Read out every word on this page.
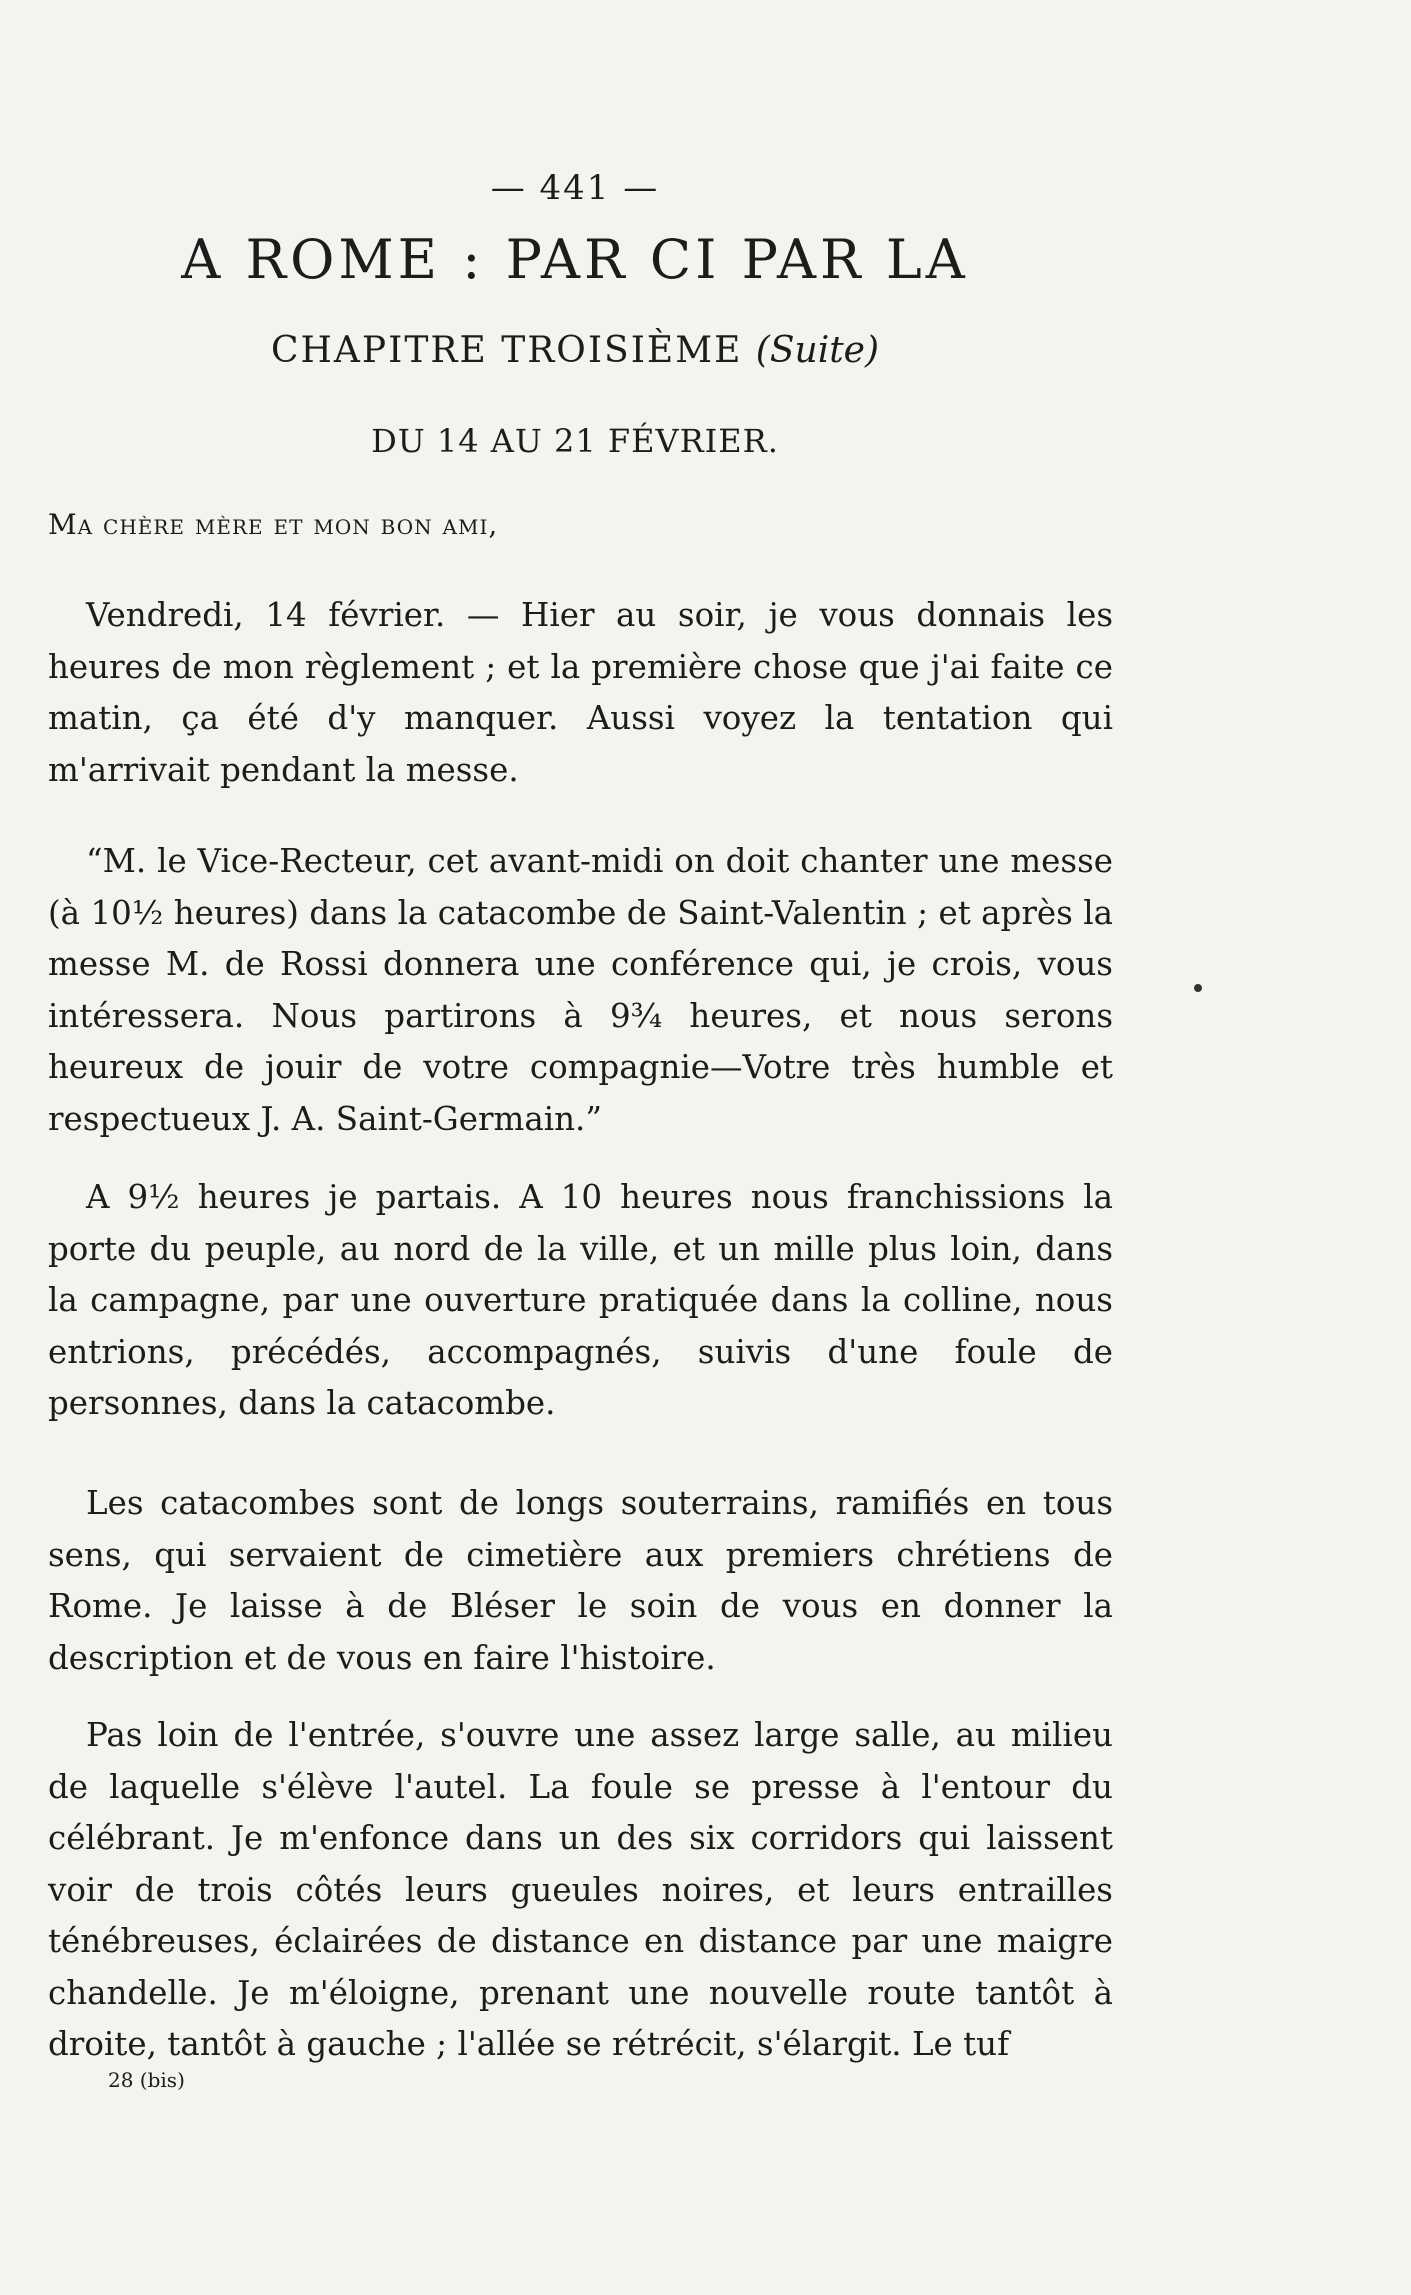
— 441 —
A ROME : PAR CI PAR LA
CHAPITRE TROISIÈME (Suite)
DU 14 AU 21 FÉVRIER.
Ma chère mère et mon bon ami,
Vendredi, 14 février. — Hier au soir, je vous donnais les heures de mon règlement ; et la première chose que j'ai faite ce matin, ça été d'y manquer. Aussi voyez la tentation qui m'arrivait pendant la messe.
“M. le Vice-Recteur, cet avant-midi on doit chanter une messe (à 10½ heures) dans la catacombe de Saint-Valentin ; et après la messe M. de Rossi donnera une conférence qui, je crois, vous intéressera. Nous partirons à 9¾ heures, et nous serons heureux de jouir de votre compagnie—Votre très humble et respectueux J. A. Saint-Germain.”
A 9½ heures je partais. A 10 heures nous franchissions la porte du peuple, au nord de la ville, et un mille plus loin, dans la campagne, par une ouverture pratiquée dans la colline, nous entrions, précédés, accompagnés, suivis d'une foule de personnes, dans la catacombe.
Les catacombes sont de longs souterrains, ramifiés en tous sens, qui servaient de cimetière aux premiers chrétiens de Rome. Je laisse à de Bléser le soin de vous en donner la description et de vous en faire l'histoire.
Pas loin de l'entrée, s'ouvre une assez large salle, au milieu de laquelle s'élève l'autel. La foule se presse à l'entour du célébrant. Je m'enfonce dans un des six corridors qui laissent voir de trois côtés leurs gueules noires, et leurs entrailles ténébreuses, éclairées de distance en distance par une maigre chandelle. Je m'éloigne, prenant une nouvelle route tantôt à droite, tantôt à gauche ; l'allée se rétrécit, s'élargit. Le tuf
28 (bis)
